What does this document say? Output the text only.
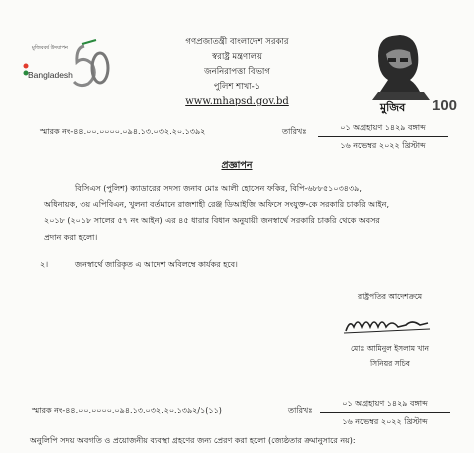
মুজিববর্ষ উদযাপন
Bangladesh
গণপ্রজাতন্ত্রী বাংলাদেশ সরকার
স্বরাষ্ট্র মন্ত্রণালয়
জননিরাপত্তা বিভাগ
পুলিশ শাখা-১
www.mhapsd.gov.bd	মুজিব 100
স্মারক নং-৪৪.০০.০০০০.০৯৪.১৩.০৩২.২০.১৩৯২	তারিখঃ	০১ অগ্রহায়ণ ১৪২৯ বঙ্গাব্দ
১৬ নভেম্বর ২০২২ খ্রিস্টাব্দ
প্রজ্ঞাপন
বিসিএস (পুলিশ) ক্যাডারের সদস্য জনাব মোঃ আলী হোসেন ফকির, বিপি-৬৮৮৫১০৩৪৩৯,
অধিনায়ক, ৩য় এপিবিএন, খুলনা বর্তমানে রাজশাহী রেঞ্জ ডিআইজি অফিসে সংযুক্ত-কে সরকারি চাকরি আইন,
২০১৮ (২০১৮ সালের ৫৭ নং আইন) এর ৪৫ ধারার বিধান অনুযায়ী জনস্বার্থে সরকারি চাকরি থেকে অবসর
প্রদান করা হলো।
২।	জনস্বার্থে জারিকৃত এ আদেশ অবিলম্বে কার্যকর হবে।
রাষ্ট্রপতির আদেশক্রমে
মোঃ আমিনুল ইসলাম খান
সিনিয়র সচিব
স্মারক নং-৪৪.০০.০০০০.০৯৪.১৩.০৩২.২০.১৩৯২/১(১১)	তারিখঃ
০১ অগ্রহায়ণ ১৪২৯ বঙ্গাব্দ
১৬ নভেম্বর ২০২২ খ্রিস্টাব্দ
অনুলিপি সদয় অবগতি ও প্রয়োজনীয় ব্যবস্থা গ্রহণের জন্য প্রেরণ করা হলো (জ্যেষ্ঠতার ক্রমানুসারে নয়):
